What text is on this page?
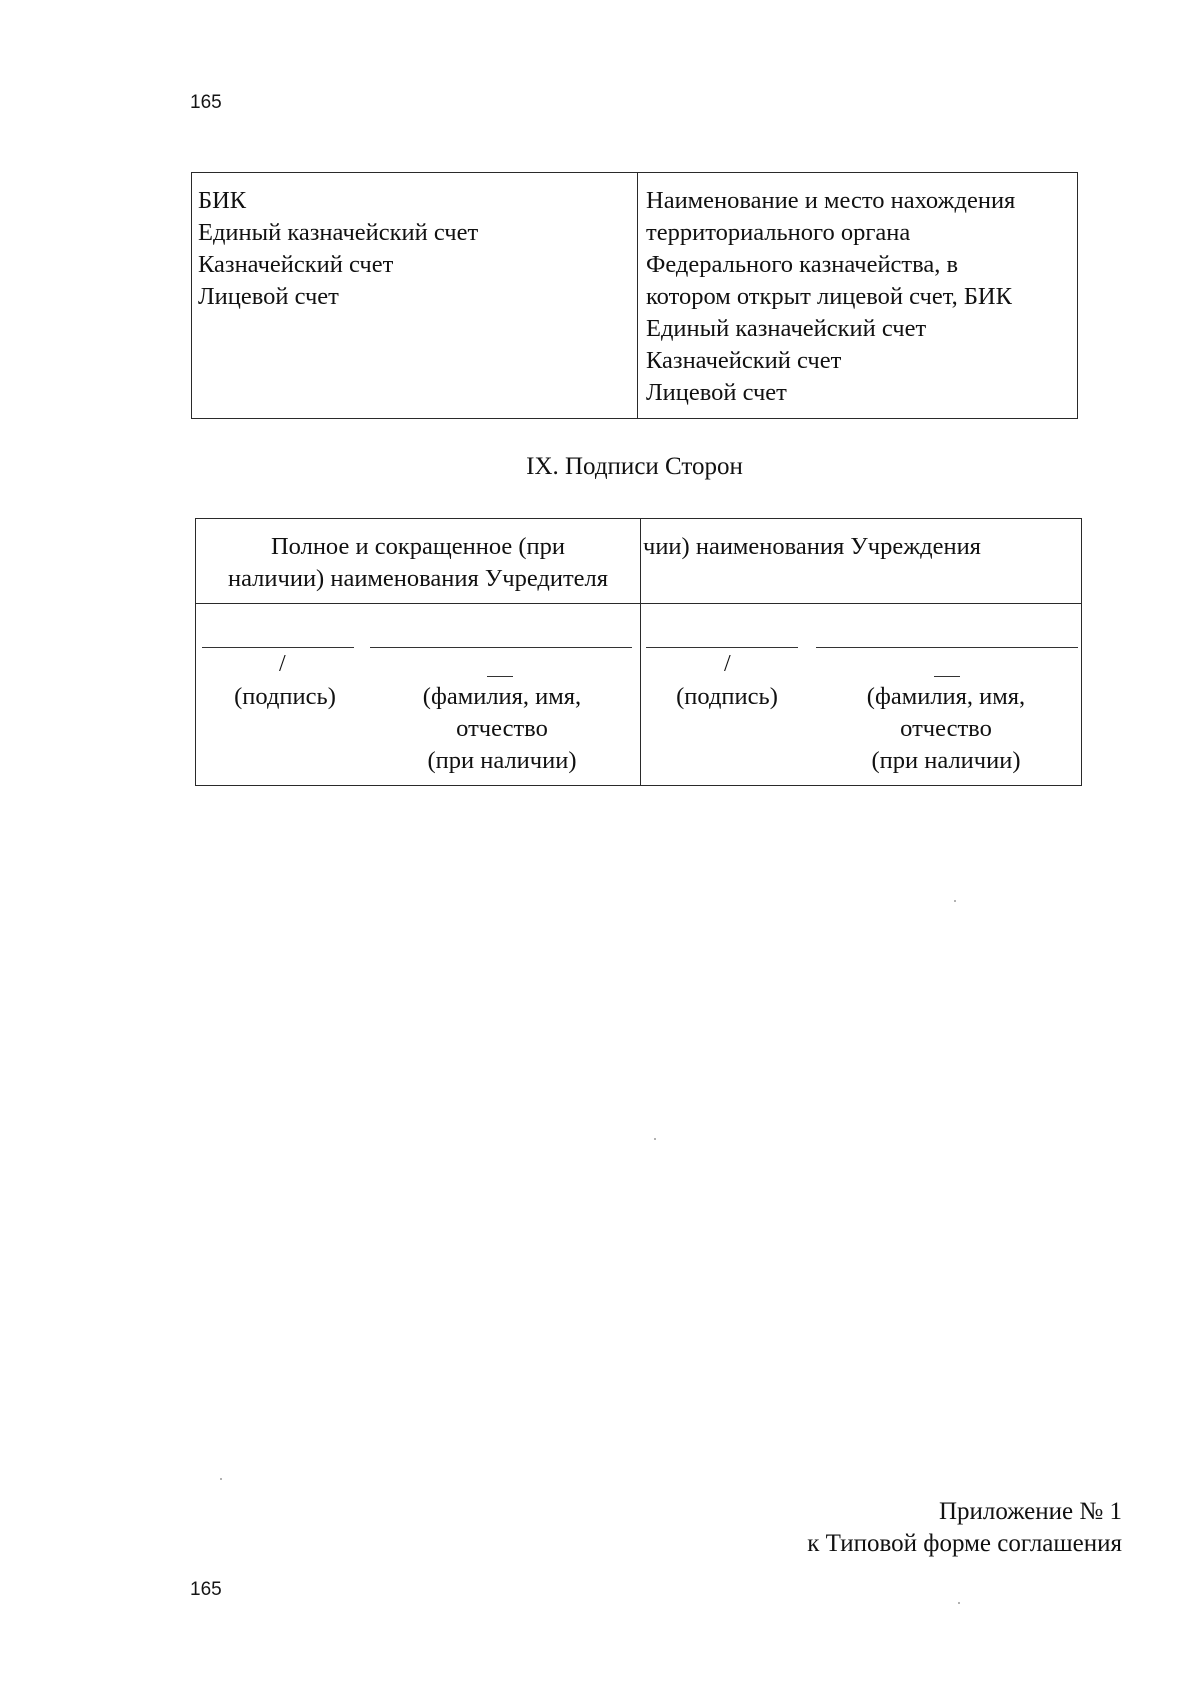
165
БИК
Единый казначейский счет
Казначейский счет
Лицевой счет
Наименование и место нахождения
территориального органа
Федерального казначейства, в
котором открыт лицевой счет, БИК
Единый казначейский счет
Казначейский счет
Лицевой счет
IX. Подписи Сторон
Полное и сокращенное (при
наличии) наименования Учредителя
чии) наименования Учреждения
/
(подпись)	(фамилия, имя,
отчество
(при наличии)
/
(подпись)	(фамилия, имя,
отчество
(при наличии)
Приложение № 1
к Типовой форме соглашения
165
